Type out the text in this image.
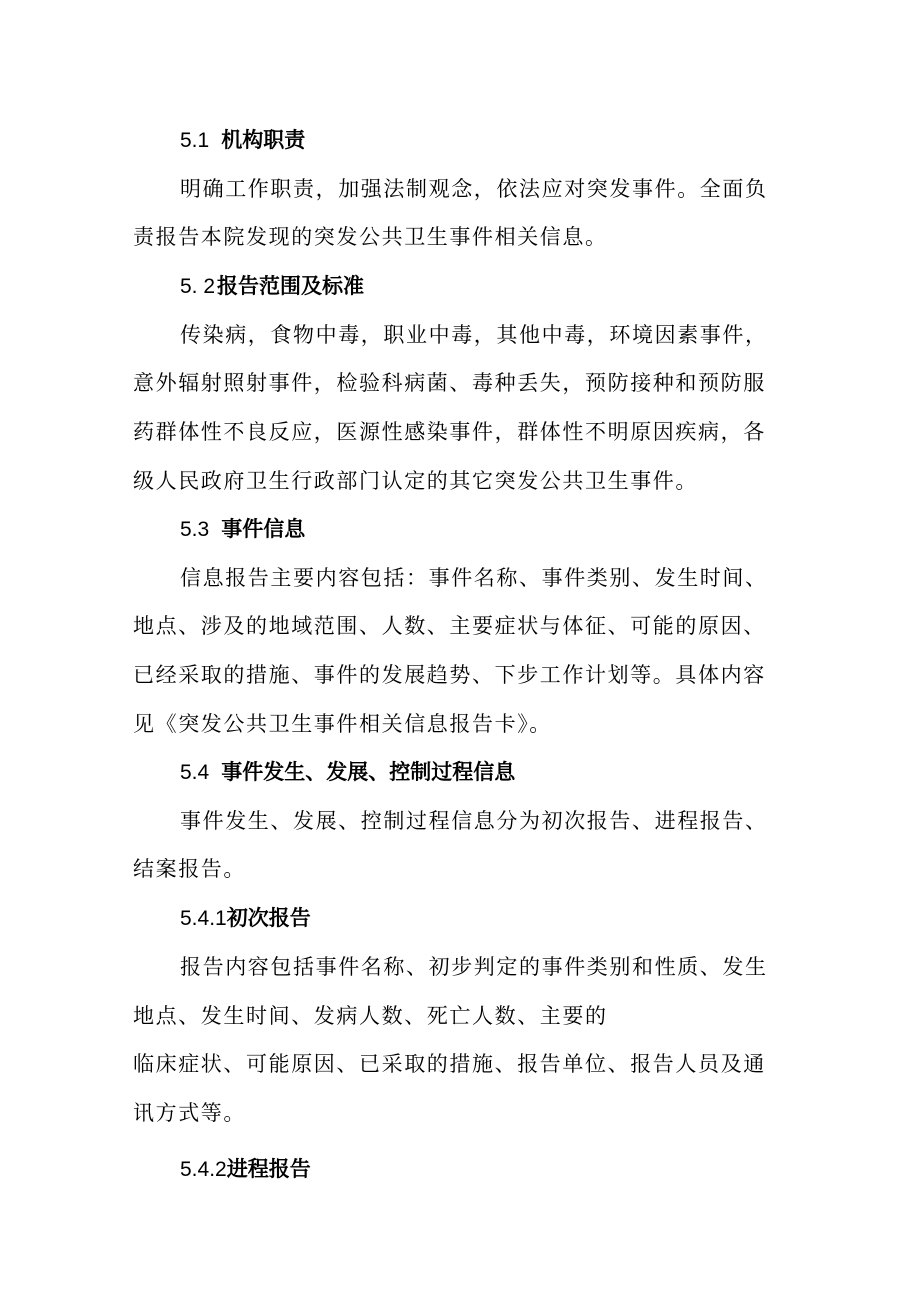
5.1 机构职责
明确工作职责，加强法制观念，依法应对突发事件。全面负
责报告本院发现的突发公共卫生事件相关信息。
5. 2报告范围及标准
传染病，食物中毒，职业中毒，其他中毒，环境因素事件，
意外辐射照射事件，检验科病菌、毒种丢失，预防接种和预防服
药群体性不良反应，医源性感染事件，群体性不明原因疾病，各
级人民政府卫生行政部门认定的其它突发公共卫生事件。
5.3 事件信息
信息报告主要内容包括：事件名称、事件类别、发生时间、
地点、涉及的地域范围、人数、主要症状与体征、可能的原因、
已经采取的措施、事件的发展趋势、下步工作计划等。具体内容
见《突发公共卫生事件相关信息报告卡》。
5.4 事件发生、发展、控制过程信息
事件发生、发展、控制过程信息分为初次报告、进程报告、
结案报告。
5.4.1初次报告
报告内容包括事件名称、初步判定的事件类别和性质、发生
地点、发生时间、发病人数、死亡人数、主要的
临床症状、可能原因、已采取的措施、报告单位、报告人员及通
讯方式等。
5.4.2进程报告
